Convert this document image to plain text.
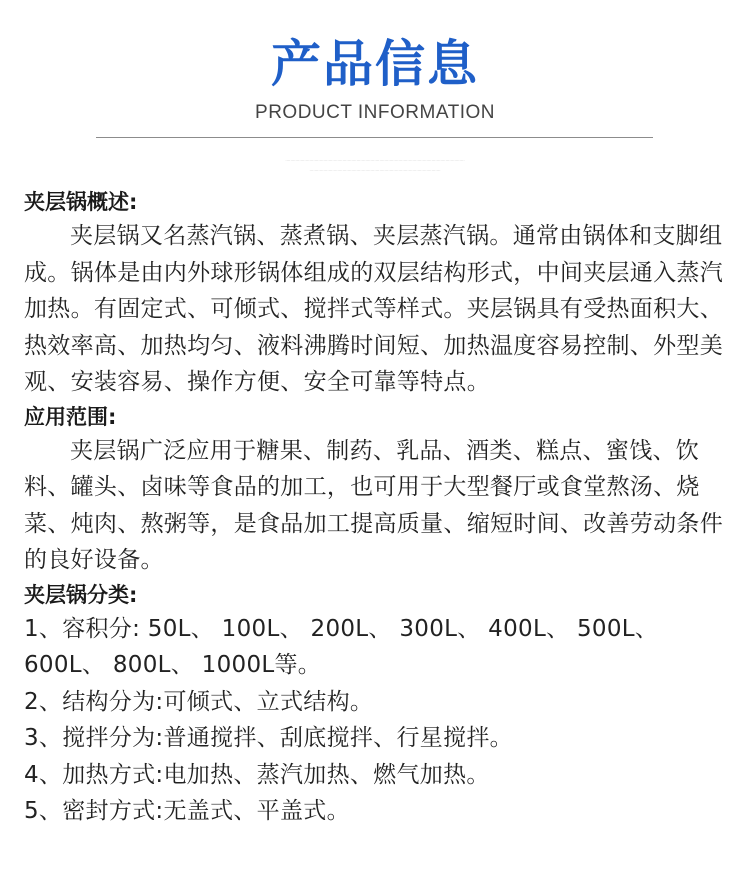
产品信息
PRODUCT INFORMATION
·············································································································································
·······································································································

夹层锅概述:

夹层锅又名蒸汽锅、蒸煮锅、夹层蒸汽锅。通常由锅体和支脚组成。锅体是由内外球形锅体组成的双层结构形式，中间夹层通入蒸汽加热。有固定式、可倾式、搅拌式等样式。夹层锅具有受热面积大、热效率高、加热均匀、液料沸腾时间短、加热温度容易控制、外型美观、安装容易、操作方便、安全可靠等特点。

应用范围:

夹层锅广泛应用于糖果、制药、乳品、酒类、糕点、蜜饯、饮料、罐头、卤味等食品的加工，也可用于大型餐厅或食堂熬汤、烧菜、炖肉、熬粥等，是食品加工提高质量、缩短时间、改善劳动条件的良好设备。

夹层锅分类:

1、容积分: 50L、 100L、 200L、 300L、 400L、 500L、 600L、 800L、 1000L等。
2、结构分为:可倾式、立式结构。
3、搅拌分为:普通搅拌、刮底搅拌、行星搅拌。
4、加热方式:电加热、蒸汽加热、燃气加热。
5、密封方式:无盖式、平盖式。
